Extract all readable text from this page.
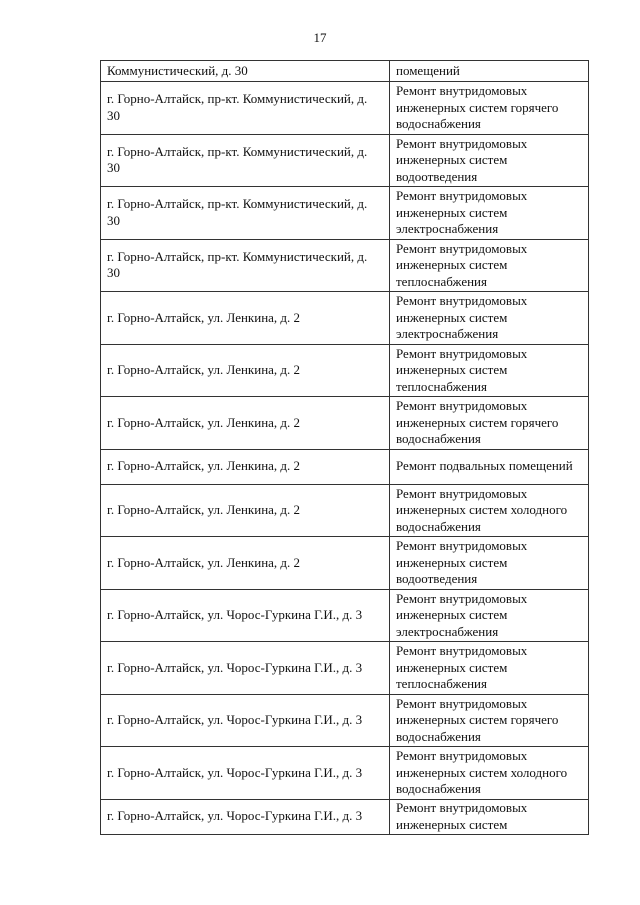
17
Коммунистический, д. 30	помещений

г. Горно-Алтайск, пр-кт. Коммунистический, д. 30	Ремонт внутридомовых инженерных систем горячего водоснабжения

г. Горно-Алтайск, пр-кт. Коммунистический, д. 30	Ремонт внутридомовых инженерных систем водоотведения

г. Горно-Алтайск, пр-кт. Коммунистический, д. 30	Ремонт внутридомовых инженерных систем электроснабжения

г. Горно-Алтайск, пр-кт. Коммунистический, д. 30	Ремонт внутридомовых инженерных систем теплоснабжения

г. Горно-Алтайск, ул. Ленкина, д. 2	Ремонт внутридомовых инженерных систем электроснабжения

г. Горно-Алтайск, ул. Ленкина, д. 2	Ремонт внутридомовых инженерных систем теплоснабжения

г. Горно-Алтайск, ул. Ленкина, д. 2	Ремонт внутридомовых инженерных систем горячего водоснабжения

г. Горно-Алтайск, ул. Ленкина, д. 2	Ремонт подвальных помещений

г. Горно-Алтайск, ул. Ленкина, д. 2	Ремонт внутридомовых инженерных систем холодного водоснабжения

г. Горно-Алтайск, ул. Ленкина, д. 2	Ремонт внутридомовых инженерных систем водоотведения

г. Горно-Алтайск, ул. Чорос-Гуркина Г.И., д. 3	Ремонт внутридомовых инженерных систем электроснабжения

г. Горно-Алтайск, ул. Чорос-Гуркина Г.И., д. 3	Ремонт внутридомовых инженерных систем теплоснабжения

г. Горно-Алтайск, ул. Чорос-Гуркина Г.И., д. 3	Ремонт внутридомовых инженерных систем горячего водоснабжения

г. Горно-Алтайск, ул. Чорос-Гуркина Г.И., д. 3	Ремонт внутридомовых инженерных систем холодного водоснабжения

г. Горно-Алтайск, ул. Чорос-Гуркина Г.И., д. 3	Ремонт внутридомовых инженерных систем
